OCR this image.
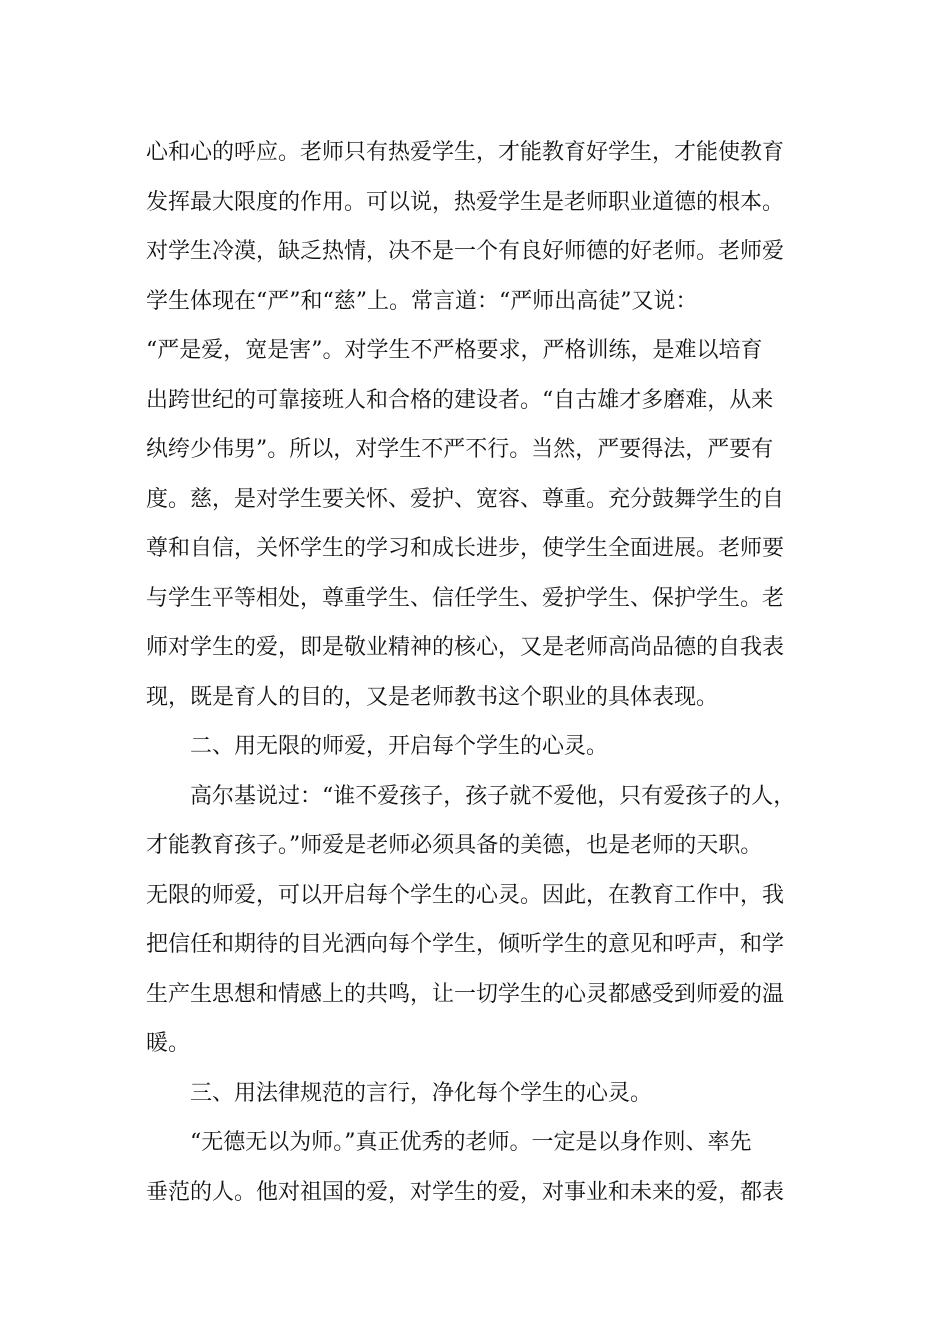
心和心的呼应。老师只有热爱学生，才能教育好学生，才能使教育
发挥最大限度的作用。可以说，热爱学生是老师职业道德的根本。
对学生冷漠，缺乏热情，决不是一个有良好师德的好老师。老师爱
学生体现在“严”和“慈”上。常言道：“严师出高徒”又说：
“严是爱，宽是害”。对学生不严格要求，严格训练，是难以培育
出跨世纪的可靠接班人和合格的建设者。“自古雄才多磨难，从来
纨绔少伟男”。所以，对学生不严不行。当然，严要得法，严要有
度。慈，是对学生要关怀、爱护、宽容、尊重。充分鼓舞学生的自
尊和自信，关怀学生的学习和成长进步，使学生全面进展。老师要
与学生平等相处，尊重学生、信任学生、爱护学生、保护学生。老
师对学生的爱，即是敬业精神的核心，又是老师高尚品德的自我表
现，既是育人的目的，又是老师教书这个职业的具体表现。
二、用无限的师爱，开启每个学生的心灵。
高尔基说过：“谁不爱孩子，孩子就不爱他，只有爱孩子的人，
才能教育孩子。”师爱是老师必须具备的美德，也是老师的天职。
无限的师爱，可以开启每个学生的心灵。因此，在教育工作中，我
把信任和期待的目光洒向每个学生，倾听学生的意见和呼声，和学
生产生思想和情感上的共鸣，让一切学生的心灵都感受到师爱的温
暖。
三、用法律规范的言行，净化每个学生的心灵。
“无德无以为师。”真正优秀的老师。一定是以身作则、率先
垂范的人。他对祖国的爱，对学生的爱，对事业和未来的爱，都表
